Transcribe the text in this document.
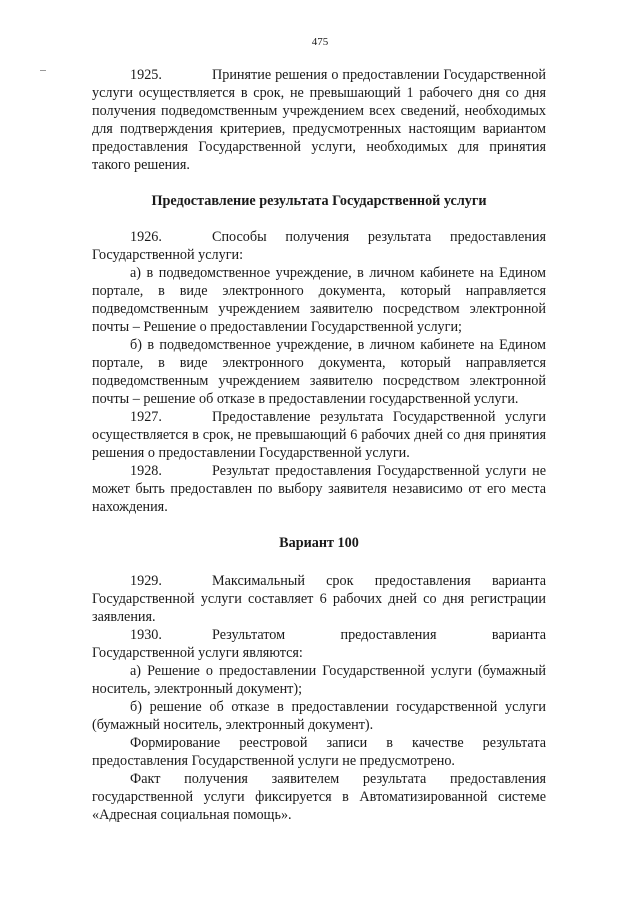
475

1925.	Принятие решения о предоставлении Государственной услуги осуществляется в срок, не превышающий 1 рабочего дня со дня получения подведомственным учреждением всех сведений, необходимых для подтверждения критериев, предусмотренных настоящим вариантом предоставления Государственной услуги, необходимых для принятия такого решения.

Предоставление результата Государственной услуги

1926.	Способы получения результата предоставления Государственной услуги:

а) в подведомственное учреждение, в личном кабинете на Едином портале, в виде электронного документа, который направляется подведомственным учреждением заявителю посредством электронной почты – Решение о предоставлении Государственной услуги;

б) в подведомственное учреждение, в личном кабинете на Едином портале, в виде электронного документа, который направляется подведомственным учреждением заявителю посредством электронной почты – решение об отказе в предоставлении государственной услуги.

1927.	Предоставление результата Государственной услуги осуществляется в срок, не превышающий 6 рабочих дней со дня принятия решения о предоставлении Государственной услуги.

1928.	Результат предоставления Государственной услуги не может быть предоставлен по выбору заявителя независимо от его места нахождения.

Вариант 100

1929.	Максимальный срок предоставления варианта Государственной услуги составляет 6 рабочих дней со дня регистрации заявления.

1930.	Результатом предоставления варианта Государственной услуги являются:

а) Решение о предоставлении Государственной услуги (бумажный носитель, электронный документ);

б) решение об отказе в предоставлении государственной услуги (бумажный носитель, электронный документ).

Формирование реестровой записи в качестве результата предоставления Государственной услуги не предусмотрено.

Факт получения заявителем результата предоставления государственной услуги фиксируется в Автоматизированной системе «Адресная социальная помощь».
